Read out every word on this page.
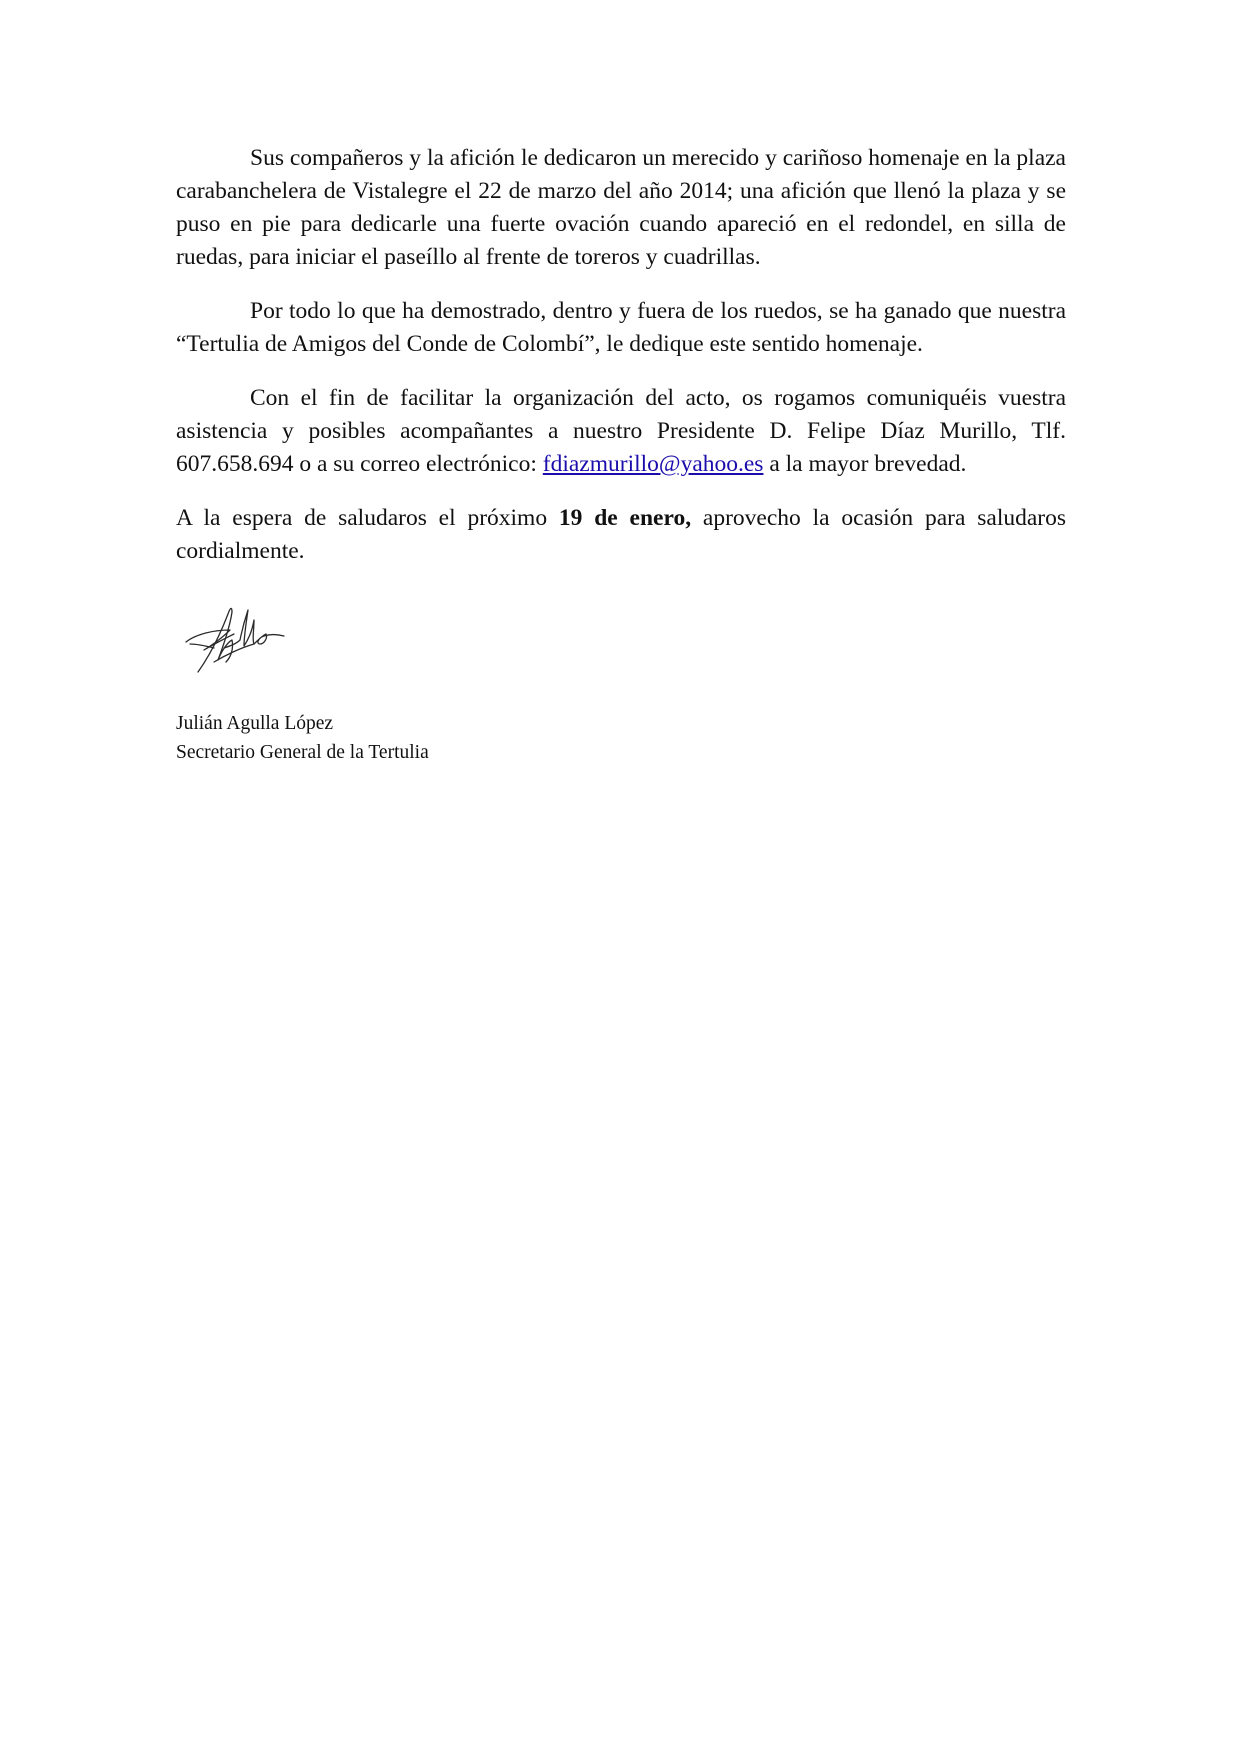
Sus compañeros y la afición le dedicaron un merecido y cariñoso homenaje en la plaza carabanchelera de Vistalegre el 22 de marzo del año 2014; una afición que llenó la plaza y se puso en pie para dedicarle una fuerte ovación cuando apareció en el redondel, en silla de ruedas, para iniciar el paseíllo al frente de toreros y cuadrillas.

Por todo lo que ha demostrado, dentro y fuera de los ruedos, se ha ganado que nuestra “Tertulia de Amigos del Conde de Colombí”, le dedique este sentido homenaje.

Con el fin de facilitar la organización del acto, os rogamos comuniquéis vuestra asistencia y posibles acompañantes a nuestro Presidente D. Felipe Díaz Murillo, Tlf. 607.658.694 o a su correo electrónico: fdiazmurillo@yahoo.es a la mayor brevedad.

A la espera de saludaros el próximo 19 de enero, aprovecho la ocasión para saludaros cordialmente.

Julián Agulla López
Secretario General de la Tertulia
